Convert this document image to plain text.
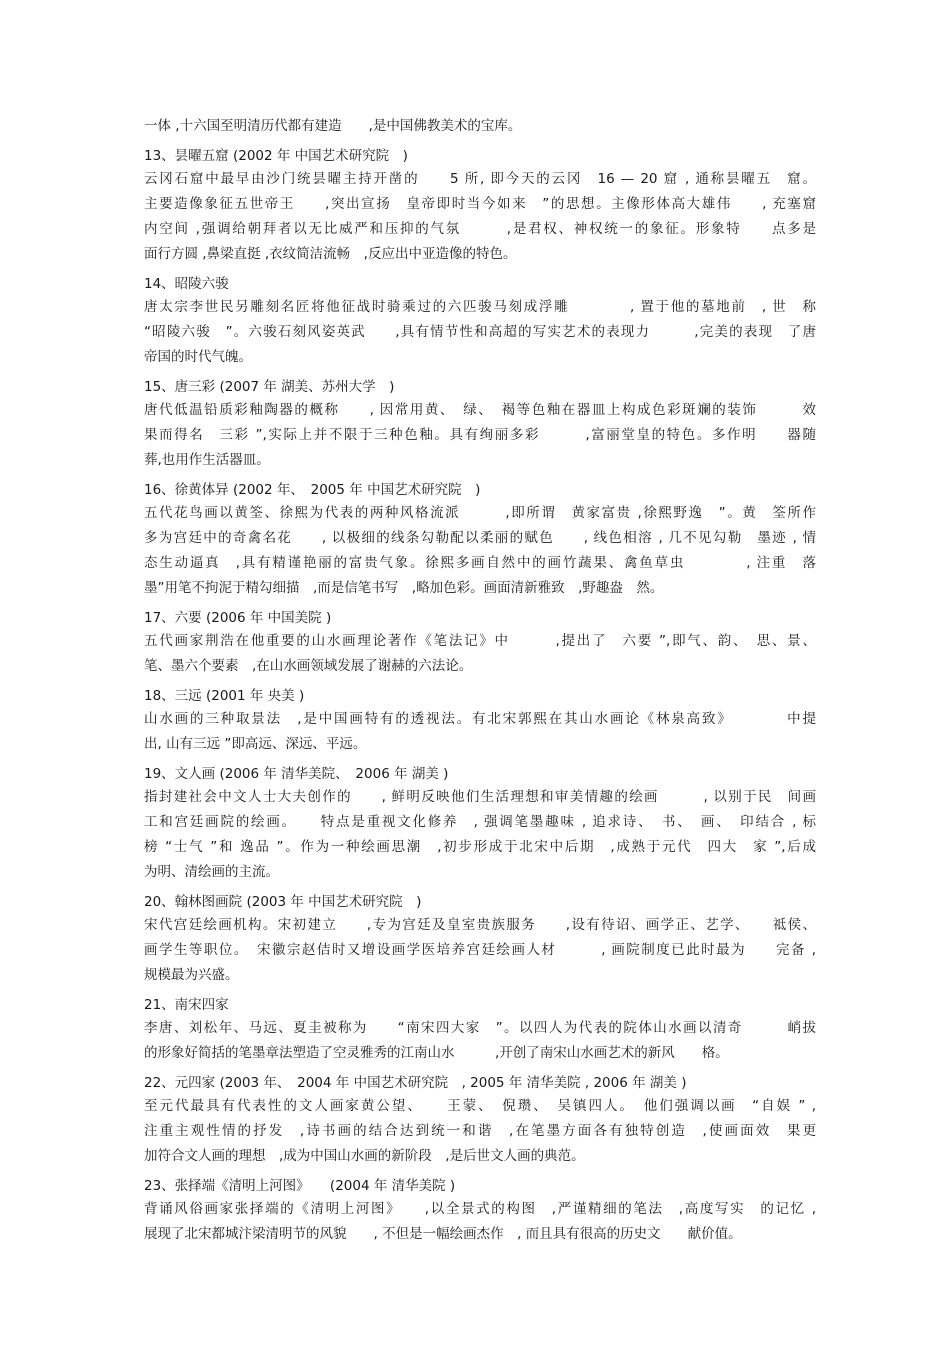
一体 ,十六国至明清历代都有建造　　,是中国佛教美术的宝库。

13、昙曜五窟 (2002 年 中国艺术研究院　)

云冈石窟中最早由沙门统昙曜主持开凿的　　5 所, 即今天的云冈　16 — 20 窟 , 通称昙曜五　窟。
主要造像象征五世帝王　　,突出宣扬　皇帝即时当今如来　”的思想。主像形体高大雄伟　　, 充塞窟
内空间 ,强调给朝拜者以无比威严和压抑的气氛　　　,是君权、神权统一的象征。形象特　　点多是
面行方圆 ,鼻梁直挺 ,衣纹简洁流畅　,反应出中亚造像的特色。

14、昭陵六骏

唐太宗李世民另雕刻名匠将他征战时骑乘过的六匹骏马刻成浮雕　　　　, 置于他的墓地前　, 世　称
“昭陵六骏　”。六骏石刻风姿英武　　,具有情节性和高超的写实艺术的表现力　　　,完美的表现　了唐
帝国的时代气魄。

15、唐三彩 (2007 年 湖美、苏州大学　)

唐代低温铅质彩釉陶器的概称　　, 因常用黄、　绿、　褐等色釉在器皿上构成色彩斑斓的装饰　　　效
果而得名　三彩 ”,实际上并不限于三种色釉。具有绚丽多彩　　　,富丽堂皇的特色。多作明　　器随
葬,也用作生活器皿。

16、徐黄体异 (2002 年、　2005 年 中国艺术研究院　)

五代花鸟画以黄筌、徐熙为代表的两种风格流派　　　,即所谓　黄家富贵 ,徐熙野逸　”。黄　筌所作
多为宫廷中的奇禽名花　　, 以极细的线条勾勒配以柔丽的赋色　　, 线色相溶 , 几不见勾勒　墨迹 , 情
态生动逼真　,具有精谨艳丽的富贵气象。徐熙多画自然中的画竹蔬果、禽鱼草虫　　　　, 注重　落
墨”用笔不拘泥于精勾细描　,而是信笔书写　,略加色彩。画面清新雅致　,野趣盎　然。

17、六要 (2006 年 中国美院 )

五代画家荆浩在他重要的山水画理论著作《笔法记》中　　　,提出了　六要 ”,即气、韵、　思、景、
笔、墨六个要素　,在山水画领域发展了谢赫的六法论。

18、三远 (2001 年 央美 )

山水画的三种取景法　,是中国画特有的透视法。有北宋郭熙在其山水画论《林泉高致》　　　　中提
出, 山有三远 ”即高远、深远、平远。

19、文人画 (2006 年 清华美院、　2006 年 湖美 )

指封建社会中文人士大夫创作的　　, 鲜明反映他们生活理想和审美情趣的绘画　　　, 以别于民　间画
工和宫廷画院的绘画。　　特点是重视文化修养　, 强调笔墨趣味 , 追求诗、　书、　画、　印结合 , 标
榜 “士气 ”和 逸品 ”。作为一种绘画思潮　,初步形成于北宋中后期　,成熟于元代　四大　家 ”,后成
为明、清绘画的主流。

20、翰林图画院 (2003 年 中国艺术研究院　)

宋代宫廷绘画机构。宋初建立　　,专为宫廷及皇室贵族服务　　,设有待诏、画学正、艺学、　　祗侯、
画学生等职位。　宋徽宗赵佶时又增设画学医培养宫廷绘画人材　　　, 画院制度已此时最为　　完备 ,
规模最为兴盛。

21、南宋四家

李唐、刘松年、马远、夏圭被称为　　“南宋四大家　”。以四人为代表的院体山水画以清奇　　　峭拔
的形象好简括的笔墨章法塑造了空灵雅秀的江南山水　　　,开创了南宋山水画艺术的新风　　格。

22、元四家 (2003 年、　2004 年 中国艺术研究院　, 2005 年 清华美院 , 2006 年 湖美 )

至元代最具有代表性的文人画家黄公望、　　王蒙、　倪瓒、　吴镇四人。　他们强调以画　“自娱 ” ,
注重主观性情的抒发　,诗书画的结合达到统一和谐　,在笔墨方面各有独特创造　,使画面效　果更
加符合文人画的理想　,成为中国山水画的新阶段　,是后世文人画的典范。

23、张择端《清明上河图》　　(2004 年 清华美院 )

背诵风俗画家张择端的《清明上河图》　　,以全景式的构图　,严谨精细的笔法　,高度写实　的记忆 ,
展现了北宋都城汴梁清明节的风貌　　, 不但是一幅绘画杰作　, 而且具有很高的历史文　　献价值。
